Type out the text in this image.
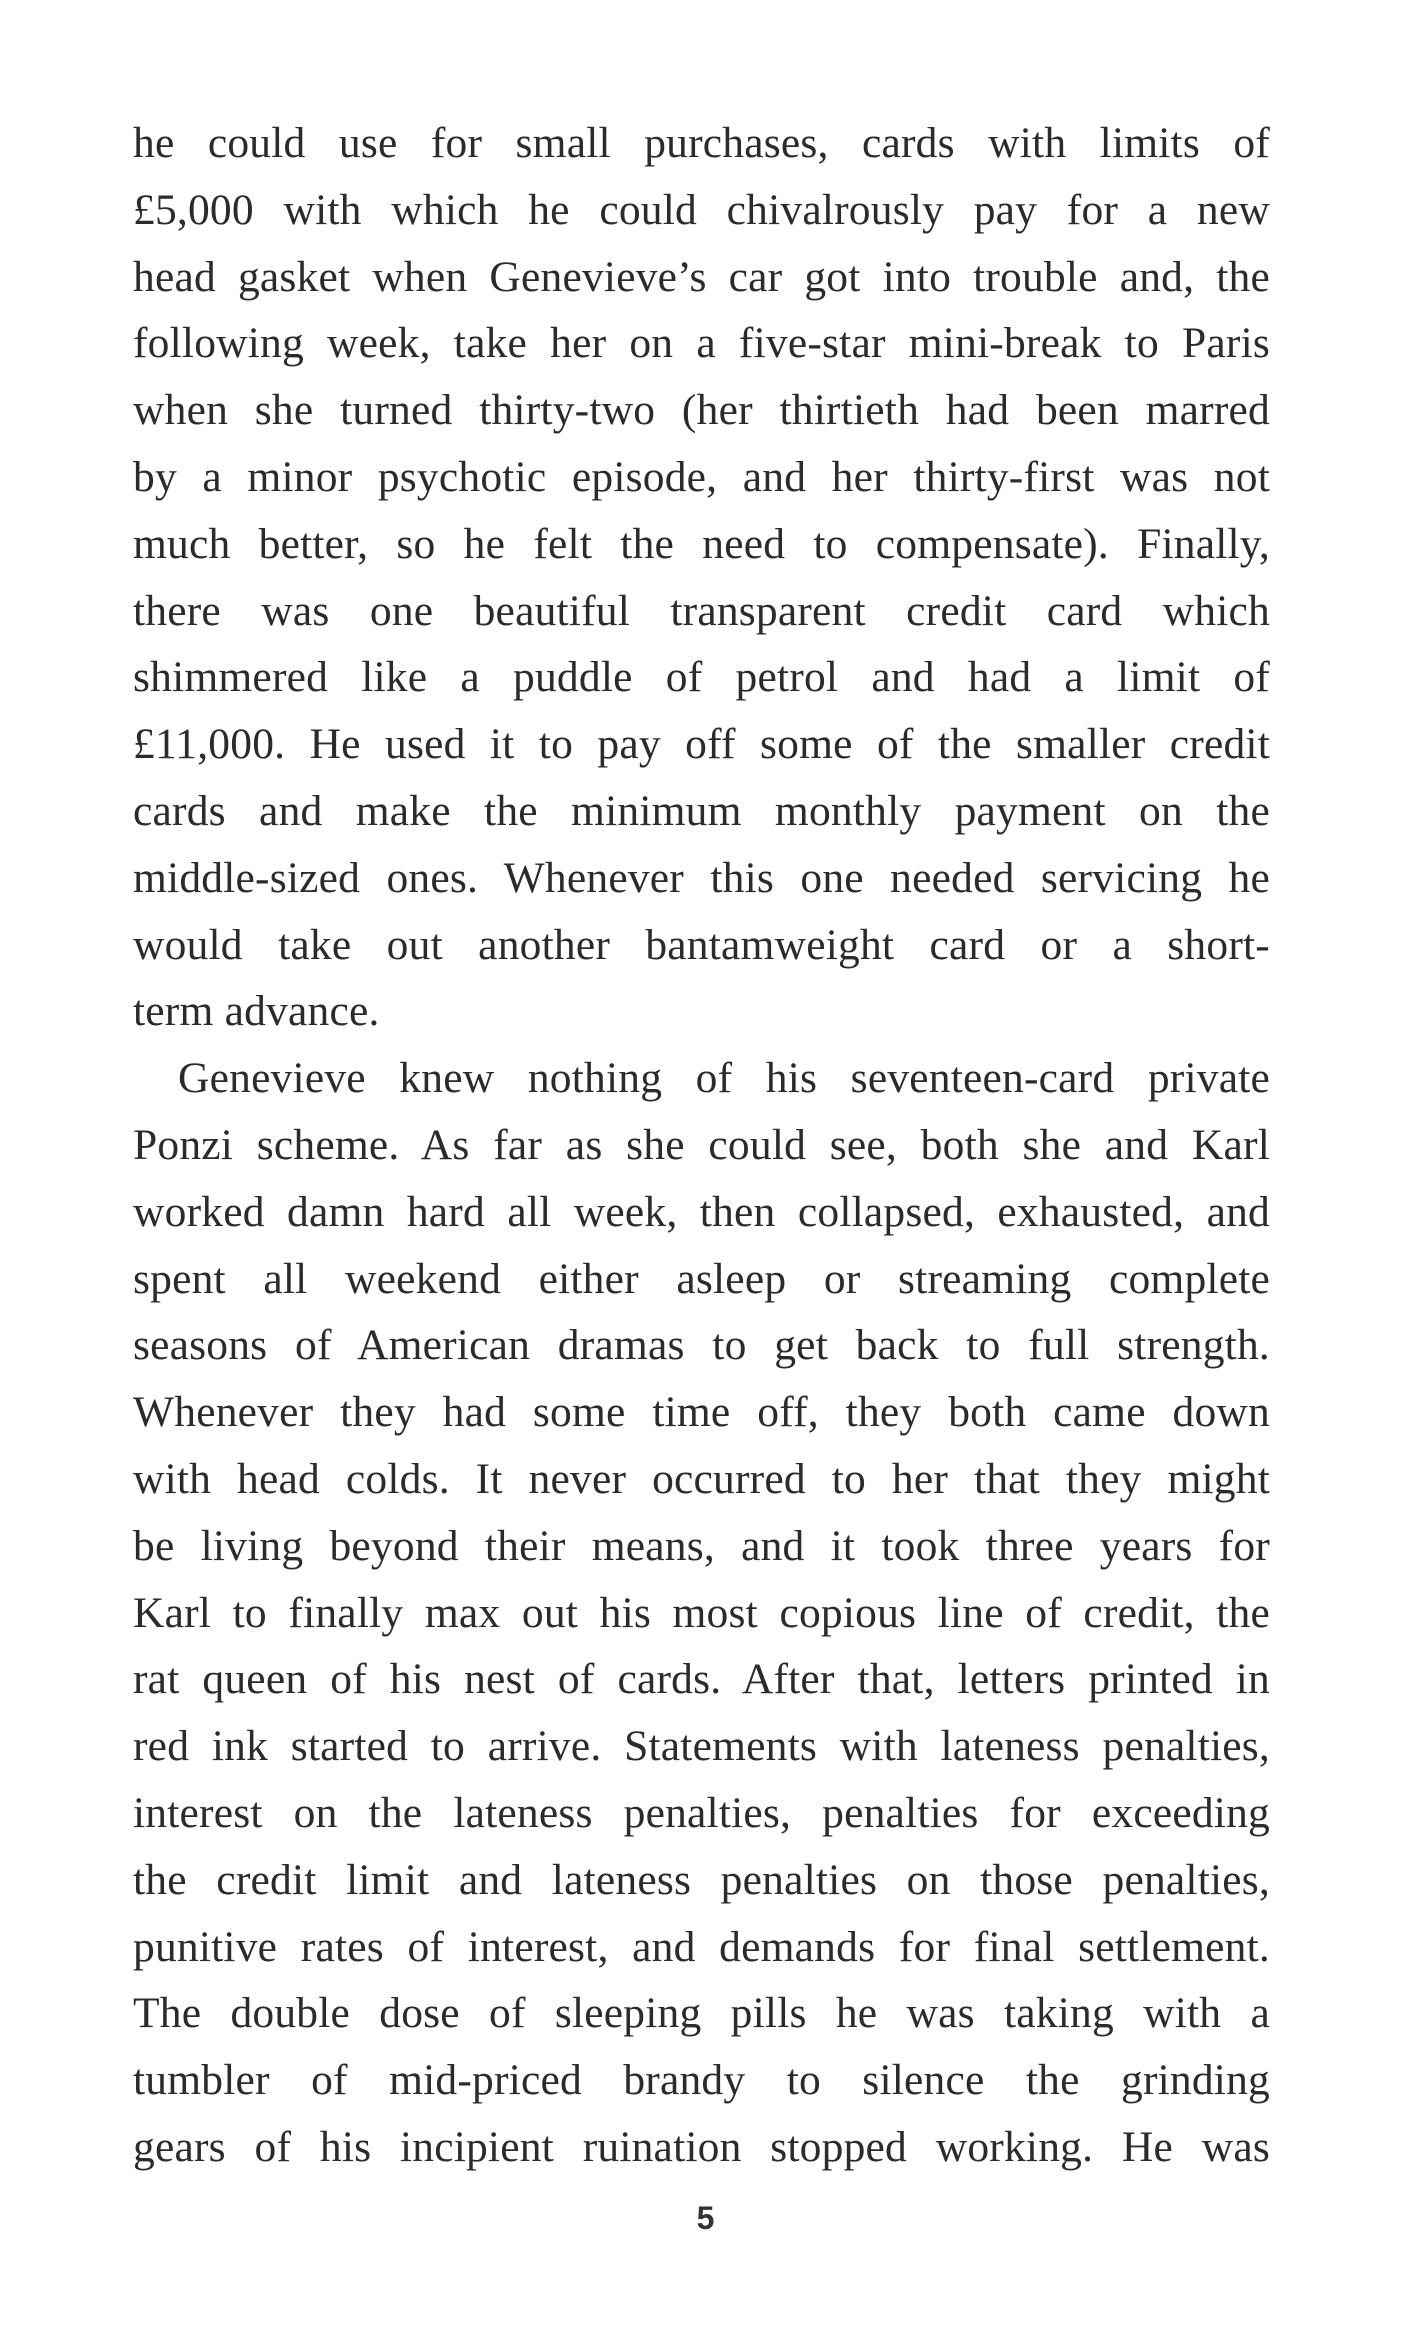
he could use for small purchases, cards with limits of
£5,000 with which he could chivalrously pay for a new
head gasket when Genevieve’s car got into trouble and, the
following week, take her on a five-star mini-break to Paris
when she turned thirty-two (her thirtieth had been marred
by a minor psychotic episode, and her thirty-first was not
much better, so he felt the need to compensate). Finally,
there was one beautiful transparent credit card which
shimmered like a puddle of petrol and had a limit of
£11,000. He used it to pay off some of the smaller credit
cards and make the minimum monthly payment on the
middle-sized ones. Whenever this one needed servicing he
would take out another bantamweight card or a short-
term advance.
Genevieve knew nothing of his seventeen-card private
Ponzi scheme. As far as she could see, both she and Karl
worked damn hard all week, then collapsed, exhausted, and
spent all weekend either asleep or streaming complete
seasons of American dramas to get back to full strength.
Whenever they had some time off, they both came down
with head colds. It never occurred to her that they might
be living beyond their means, and it took three years for
Karl to finally max out his most copious line of credit, the
rat queen of his nest of cards. After that, letters printed in
red ink started to arrive. Statements with lateness penalties,
interest on the lateness penalties, penalties for exceeding
the credit limit and lateness penalties on those penalties,
punitive rates of interest, and demands for final settlement.
The double dose of sleeping pills he was taking with a
tumbler of mid-priced brandy to silence the grinding
gears of his incipient ruination stopped working. He was
5
